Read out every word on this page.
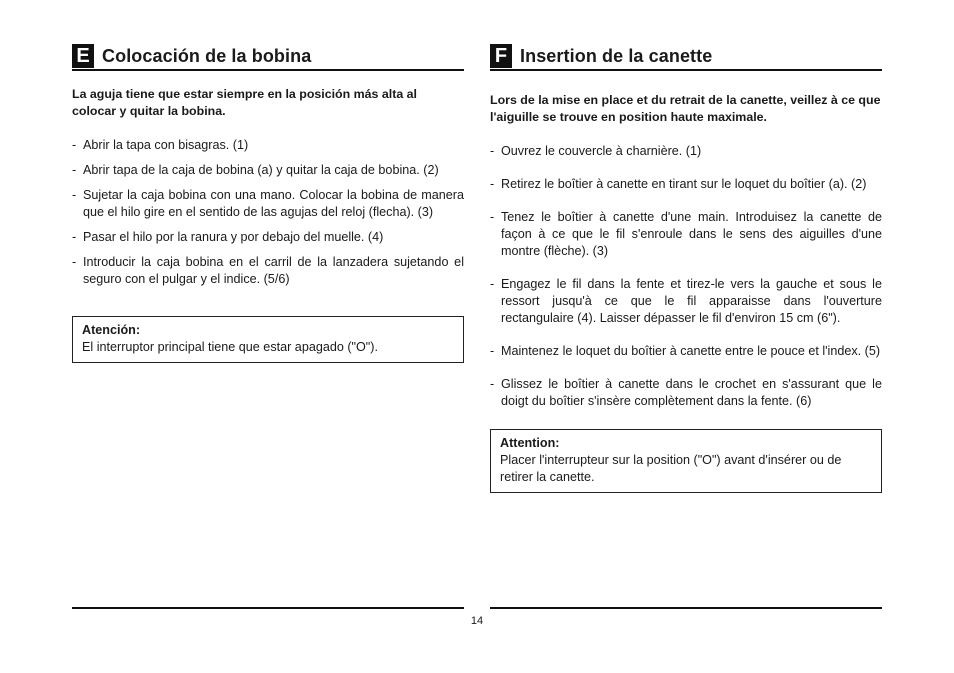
E Colocación de la bobina
La aguja tiene que estar siempre en la posición más alta al colocar y quitar la bobina.
- Abrir la tapa con bisagras. (1)
- Abrir tapa de la caja de bobina (a) y quitar la caja de bobina. (2)
- Sujetar la caja bobina con una mano. Colocar la bobina de manera que el hilo gire en el sentido de las agujas del reloj (flecha). (3)
- Pasar el hilo por la ranura y por debajo del muelle. (4)
- Introducir la caja bobina en el carril de la lanzadera sujetando el seguro con el pulgar y el indice. (5/6)
Atención:
El interruptor principal tiene que estar apagado ("O").
F Insertion de la canette
Lors de la mise en place et du retrait de la canette, veillez à ce que l'aiguille se trouve en position haute maximale.
- Ouvrez le couvercle à charnière. (1)
- Retirez le boîtier à canette en tirant sur le loquet du boîtier (a). (2)
- Tenez le boîtier à canette d'une main. Introduisez la canette de façon à ce que le fil s'enroule dans le sens des aiguilles d'une montre (flèche). (3)
- Engagez le fil dans la fente et tirez-le vers la gauche et sous le ressort jusqu'à ce que le fil apparaisse dans l'ouverture rectangulaire (4). Laisser dépasser le fil d'environ 15 cm (6").
- Maintenez le loquet du boîtier à canette entre le pouce et l'index. (5)
- Glissez le boîtier à canette dans le crochet en s'assurant que le doigt du boîtier s'insère complètement dans la fente. (6)
Attention:
Placer l'interrupteur sur la position ("O") avant d'insérer ou de retirer la canette.
14
